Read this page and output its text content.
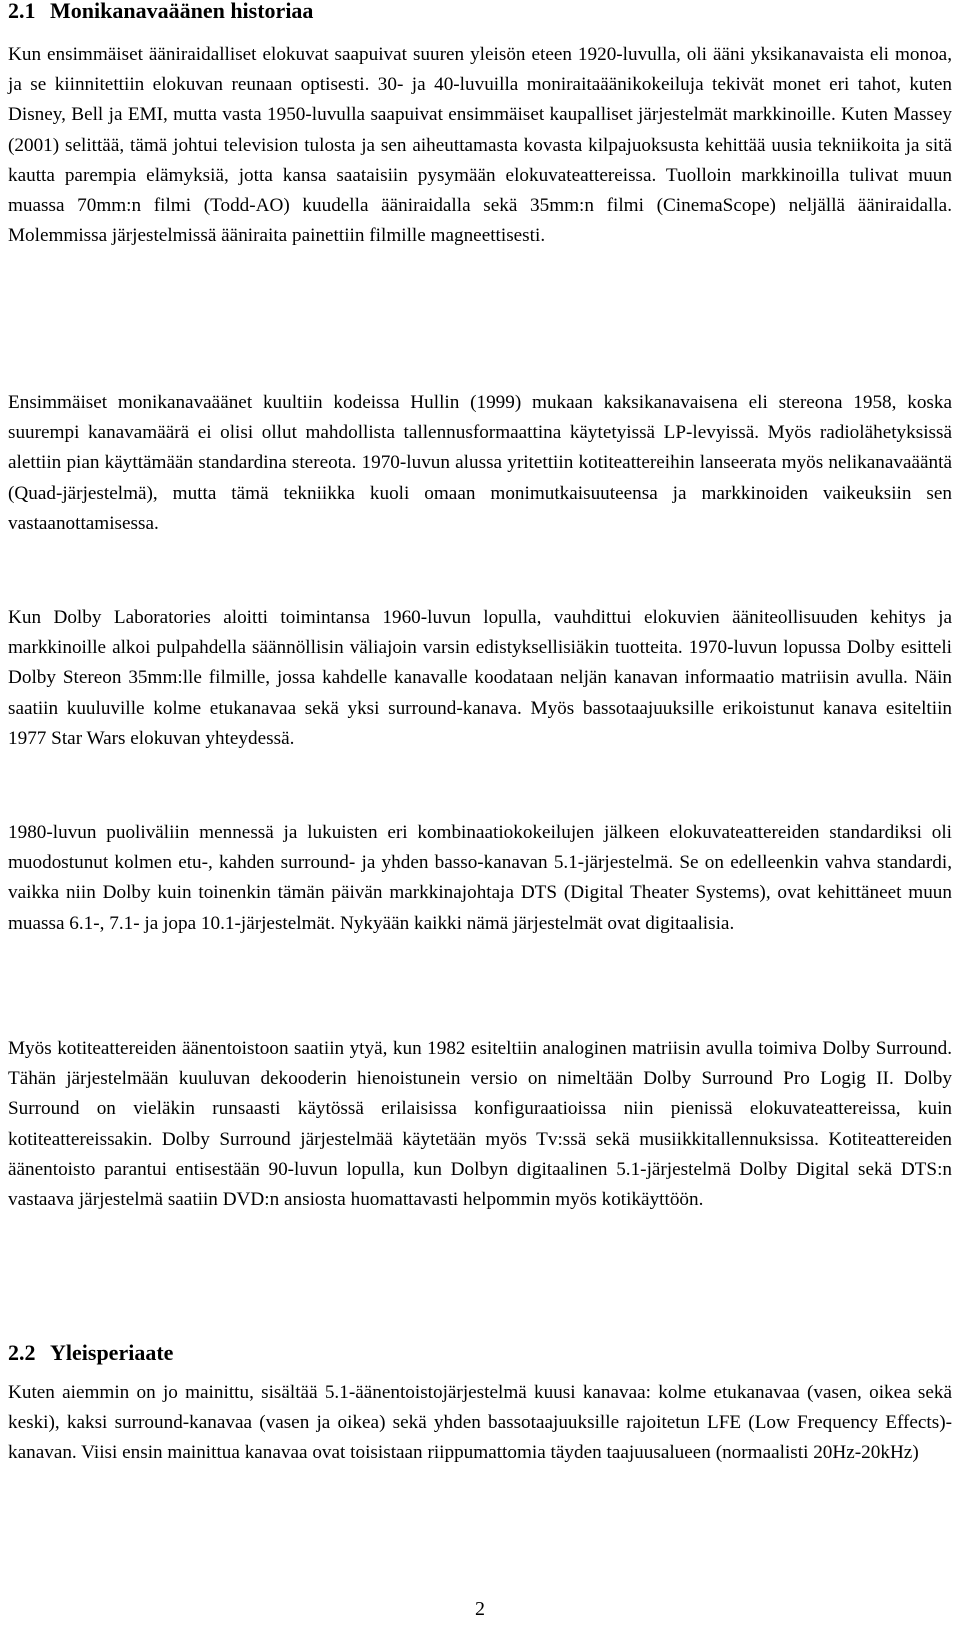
2.1 Monikanavaäänen historiaa

Kun ensimmäiset ääniraidalliset elokuvat saapuivat suuren yleisön eteen 1920-luvulla, oli ääni yksikanavaista eli monoa, ja se kiinnitettiin elokuvan reunaan optisesti. 30- ja 40-luvuilla moniraitaäänikokeiluja tekivät monet eri tahot, kuten Disney, Bell ja EMI, mutta vasta 1950-luvulla saapuivat ensimmäiset kaupalliset järjestelmät markkinoille. Kuten Massey (2001) selittää, tämä johtui television tulosta ja sen aiheuttamasta kovasta kilpajuoksusta kehittää uusia tekniikoita ja sitä kautta parempia elämyksiä, jotta kansa saataisiin pysymään elokuvateattereissa. Tuolloin markkinoilla tulivat muun muassa 70mm:n filmi (Todd-AO) kuudella ääniraidalla sekä 35mm:n filmi (CinemaScope) neljällä ääniraidalla. Molemmissa järjestelmissä ääniraita painettiin filmille magneettisesti.

Ensimmäiset monikanavaäänet kuultiin kodeissa Hullin (1999) mukaan kaksikanavaisena eli stereona 1958, koska suurempi kanavamäärä ei olisi ollut mahdollista tallennusformaattina käytetyissä LP-levyissä. Myös radiolähetyksissä alettiin pian käyttämään standardina stereota. 1970-luvun alussa yritettiin kotiteattereihin lanseerata myös nelikanavaääntä (Quad-järjestelmä), mutta tämä tekniikka kuoli omaan monimutkaisuuteensa ja markkinoiden vaikeuksiin sen vastaanottamisessa.

Kun Dolby Laboratories aloitti toimintansa 1960-luvun lopulla, vauhdittui elokuvien ääniteollisuuden kehitys ja markkinoille alkoi pulpahdella säännöllisin väliajoin varsin edistyksellisiäkin tuotteita. 1970-luvun lopussa Dolby esitteli Dolby Stereon 35mm:lle filmille, jossa kahdelle kanavalle koodataan neljän kanavan informaatio matriisin avulla. Näin saatiin kuuluville kolme etukanavaa sekä yksi surround-kanava. Myös bassotaajuuksille erikoistunut kanava esiteltiin 1977 Star Wars elokuvan yhteydessä.

1980-luvun puoliväliin mennessä ja lukuisten eri kombinaatiokokeilujen jälkeen elokuvateattereiden standardiksi oli muodostunut kolmen etu-, kahden surround- ja yhden basso-kanavan 5.1-järjestelmä. Se on edelleenkin vahva standardi, vaikka niin Dolby kuin toinenkin tämän päivän markkinajohtaja DTS (Digital Theater Systems), ovat kehittäneet muun muassa 6.1-, 7.1- ja jopa 10.1-järjestelmät. Nykyään kaikki nämä järjestelmät ovat digitaalisia.

Myös kotiteattereiden äänentoistoon saatiin ytyä, kun 1982 esiteltiin analoginen matriisin avulla toimiva Dolby Surround. Tähän järjestelmään kuuluvan dekooderin hienoistunein versio on nimeltään Dolby Surround Pro Logig II. Dolby Surround on vieläkin runsaasti käytössä erilaisissa konfiguraatioissa niin pienissä elokuvateattereissa, kuin kotiteattereissakin. Dolby Surround järjestelmää käytetään myös Tv:ssä sekä musiikkitallennuksissa. Kotiteattereiden äänentoisto parantui entisestään 90-luvun lopulla, kun Dolbyn digitaalinen 5.1-järjestelmä Dolby Digital sekä DTS:n vastaava järjestelmä saatiin DVD:n ansiosta huomattavasti helpommin myös kotikäyttöön.

2.2 Yleisperiaate

Kuten aiemmin on jo mainittu, sisältää 5.1-äänentoistojärjestelmä kuusi kanavaa: kolme etukanavaa (vasen, oikea sekä keski), kaksi surround-kanavaa (vasen ja oikea) sekä yhden bassotaajuuksille rajoitetun LFE (Low Frequency Effects)-kanavan. Viisi ensin mainittua kanavaa ovat toisistaan riippumattomia täyden taajuusalueen (normaalisti 20Hz-20kHz)

2
